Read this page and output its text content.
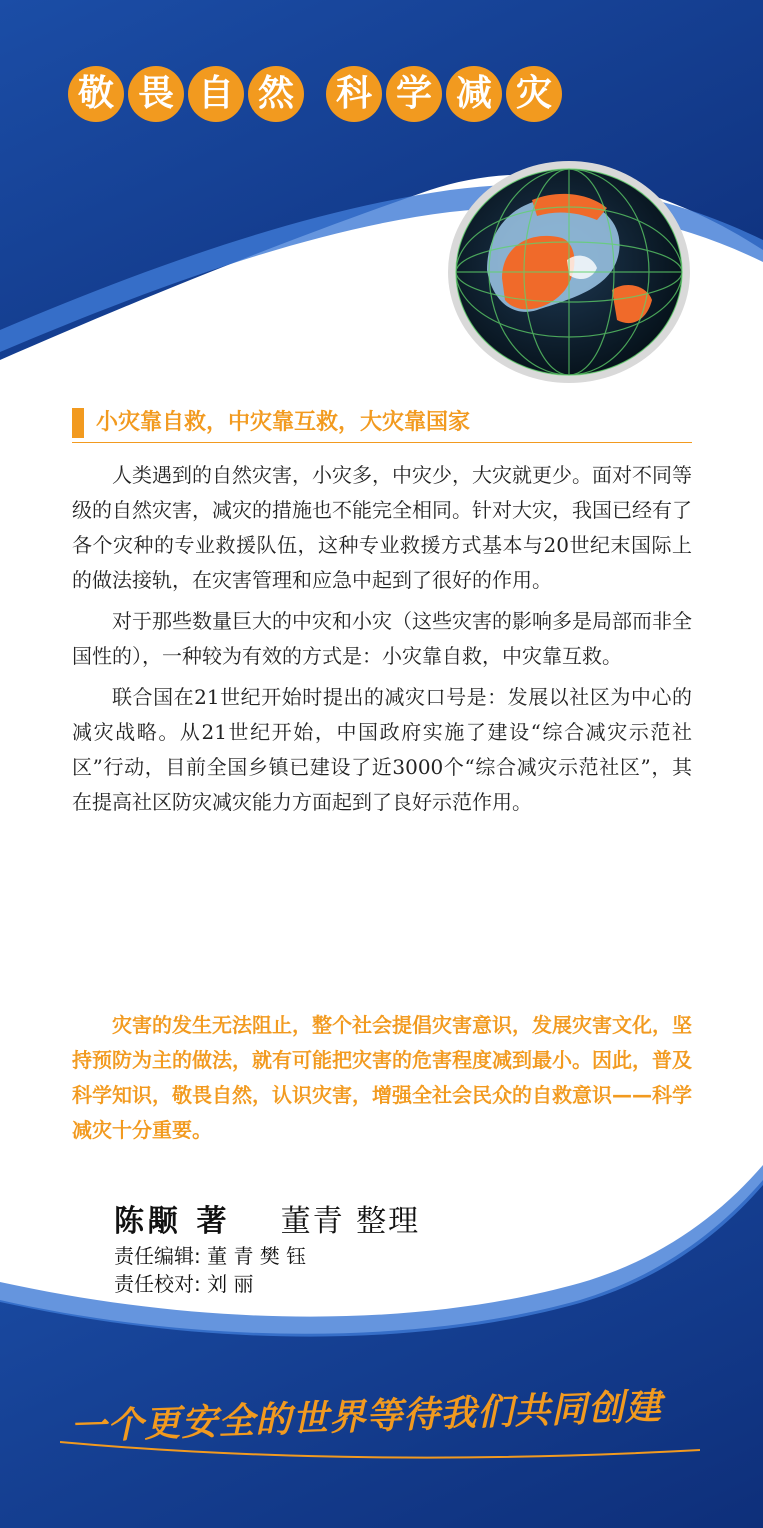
敬 畏 自 然 科 学 减 灾
小灾靠自救，中灾靠互救，大灾靠国家

人类遇到的自然灾害，小灾多，中灾少，大灾就更少。面对不同等级的自然灾害，减灾的措施也不能完全相同。针对大灾，我国已经有了各个灾种的专业救援队伍，这种专业救援方式基本与20世纪末国际上的做法接轨，在灾害管理和应急中起到了很好的作用。

对于那些数量巨大的中灾和小灾（这些灾害的影响多是局部而非全国性的），一种较为有效的方式是：小灾靠自救，中灾靠互救。

联合国在21世纪开始时提出的减灾口号是：发展以社区为中心的减灾战略。从21世纪开始，中国政府实施了建设“综合减灾示范社区”行动，目前全国乡镇已建设了近3000个“综合减灾示范社区”，其在提高社区防灾减灾能力方面起到了良好示范作用。

灾害的发生无法阻止，整个社会提倡灾害意识，发展灾害文化，坚持预防为主的做法，就有可能把灾害的危害程度减到最小。因此，普及科学知识，敬畏自然，认识灾害，增强全社会民众的自救意识——科学减灾十分重要。
陈颙 著 董青 整理
责任编辑: 董 青 樊 钰
责任校对: 刘 丽
一个更安全的世界等待我们共同创建
